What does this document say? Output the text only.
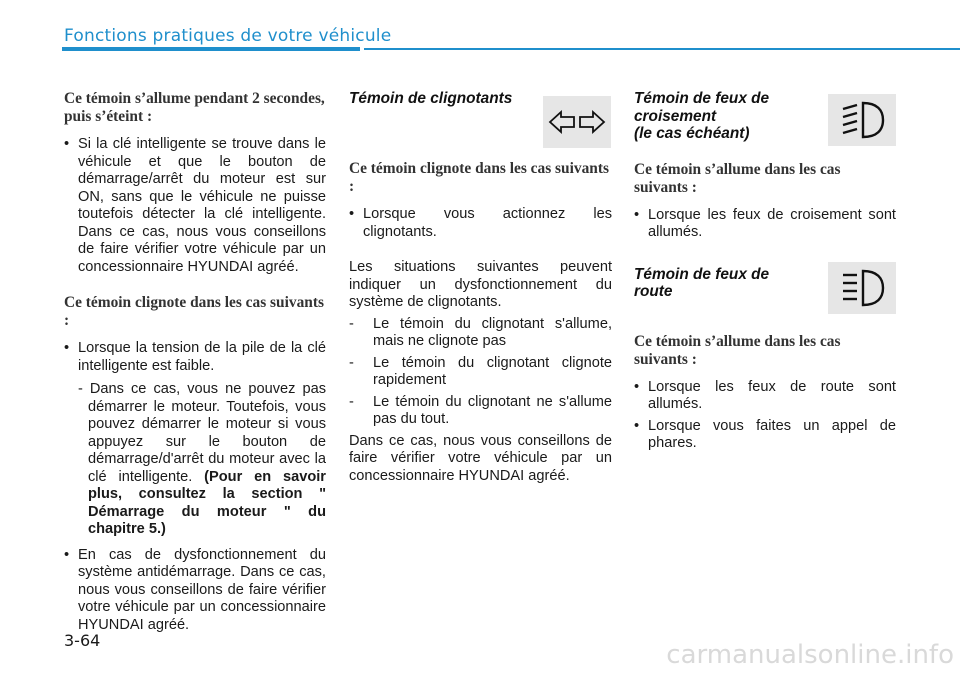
Fonctions pratiques de votre véhicule
Ce témoin s’allume pendant 2 secondes, puis s’éteint :
• Si la clé intelligente se trouve dans le véhicule et que le bouton de démarrage/arrêt du moteur est sur ON, sans que le véhicule ne puisse toutefois détecter la clé intelligente. Dans ce cas, nous vous conseillons de faire vérifier votre véhicule par un concessionnaire HYUNDAI agréé.
Ce témoin clignote dans les cas suivants :
• Lorsque la tension de la pile de la clé intelligente est faible.

- Dans ce cas, vous ne pouvez pas démarrer le moteur. Toutefois, vous pouvez démarrer le moteur si vous appuyez sur le bouton de démarrage/d'arrêt du moteur avec la clé intelligente. (Pour en savoir plus, consultez la section " Démarrage du moteur " du chapitre 5.)

• En cas de dysfonctionnement du système antidémarrage. Dans ce cas, nous vous conseillons de faire vérifier votre véhicule par un concessionnaire HYUNDAI agréé.
Témoin de clignotants
Ce témoin clignote dans les cas suivants :
• Lorsque vous actionnez les clignotants.

Les situations suivantes peuvent indiquer un dysfonctionnement du système de clignotants.

- Le témoin du clignotant s'allume, mais ne clignote pas
- Le témoin du clignotant clignote rapidement
- Le témoin du clignotant ne s'allume pas du tout.

Dans ce cas, nous vous conseillons de faire vérifier votre véhicule par un concessionnaire HYUNDAI agréé.

Témoin de feux de
croisement
(le cas échéant)
Ce témoin s’allume dans les cas suivants :
• Lorsque les feux de croisement sont allumés.
Témoin de feux de
route
Ce témoin s’allume dans les cas suivants :
• Lorsque les feux de route sont allumés.
• Lorsque vous faites un appel de phares.
3-64	carmanualsonline.info
